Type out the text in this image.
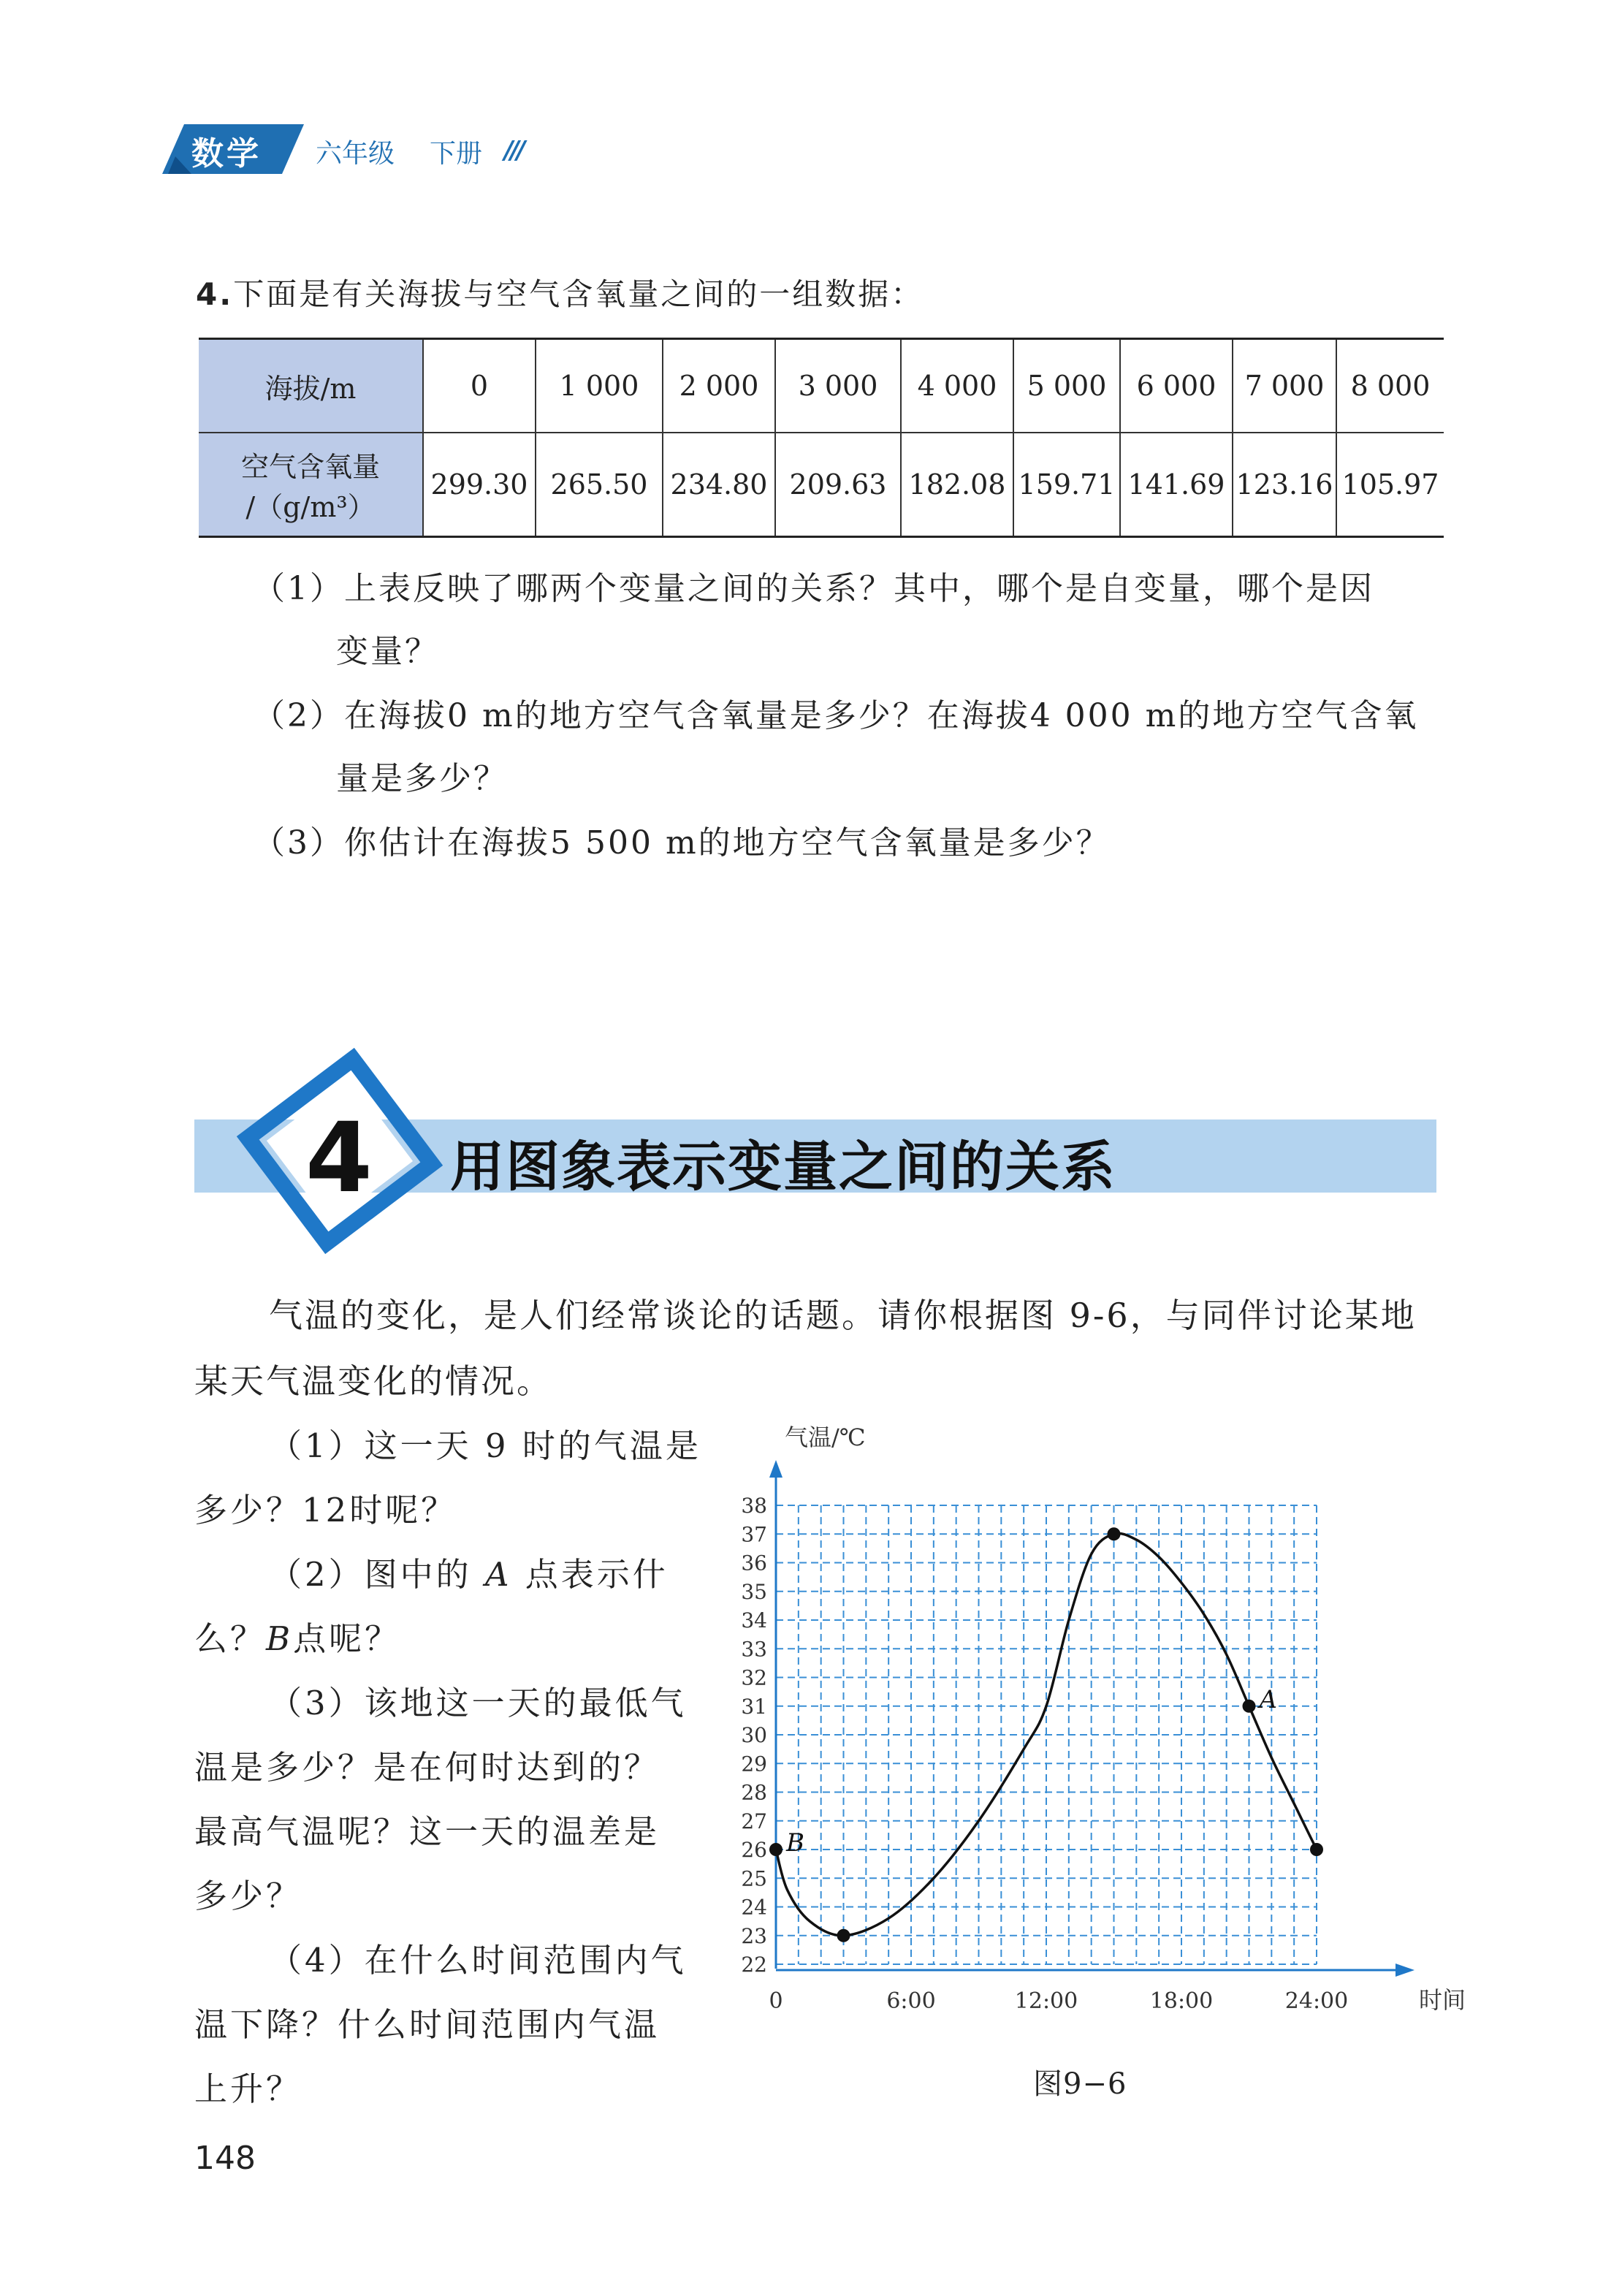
数学 六年级 下册 ///
4.下面是有关海拔与空气含氧量之间的一组数据：
海拔/m	0	1 000	2 000	3 000	4 000	5 000	6 000	7 000	8 000

空气含氧量
/（g/m³）	299.30	265.50	234.80	209.63	182.08	159.71	141.69	123.16	105.97
（1）上表反映了哪两个变量之间的关系？其中，哪个是自变量，哪个是因
变量？
（2）在海拔0 m的地方空气含氧量是多少？在海拔4 000 m的地方空气含氧
量是多少？
（3）你估计在海拔5 500 m的地方空气含氧量是多少？
4 用图象表示变量之间的关系
气温的变化，是人们经常谈论的话题。请你根据图 9-6，与同伴讨论某地
某天气温变化的情况。
（1）这一天 9 时的气温是
多少？12时呢？
（2）图中的 A 点表示什
么？B点呢？
（3）该地这一天的最低气
温是多少？是在何时达到的？
最高气温呢？这一天的温差是
多少？
（4）在什么时间范围内气
温下降？什么时间范围内气温
上升？
22
23
24
25
26
27
28
29
30
31
32
33
34
35
36
37
38
0	6:00	12:00	18:00	24:00
气温/℃
时间
B
A
图9−6
148
